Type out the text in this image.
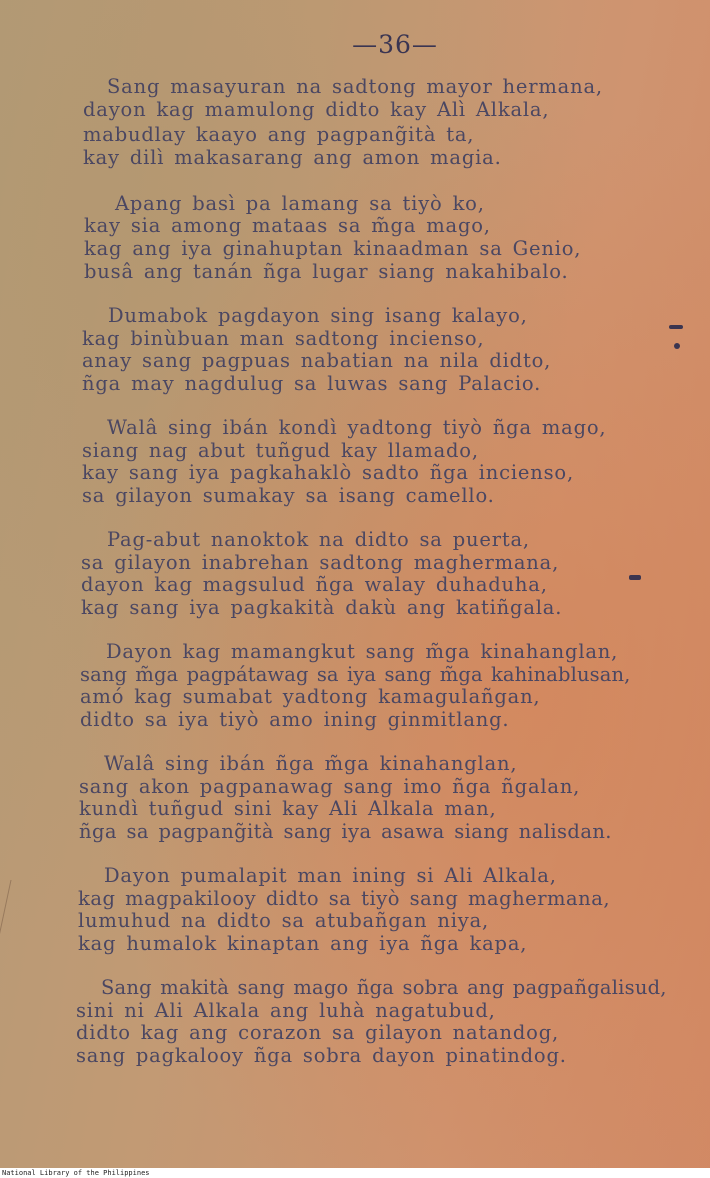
—36—
Sang masayuran na sadtong mayor hermana,
dayon kag mamulong didto kay Alì Alkala,
mabudlay kaayo ang pagpang̃ità ta,
kay dilì makasarang ang amon magia.
Apang basì pa lamang sa tiyò ko,
kay sia among mataas sa m̃ga mago,
kag ang iya ginahuptan kinaadman sa Genio,
busâ ang tanán ñga lugar siang nakahibalo.
Dumabok pagdayon sing isang kalayo,
kag binùbuan man sadtong incienso,
anay sang pagpuas nabatian na nila didto,
ñga may nagdulug sa luwas sang Palacio.
Walâ sing ibán kondì yadtong tiyò ñga mago,
siang nag abut tuñgud kay llamado,
kay sang iya pagkahaklò sadto ñga incienso,
sa gilayon sumakay sa isang camello.
Pag-abut nanoktok na didto sa puerta,
sa gilayon inabrehan sadtong maghermana,
dayon kag magsulud ñga walay duhaduha,
kag sang iya pagkakità dakù ang katiñgala.
Dayon kag mamangkut sang m̃ga kinahanglan,
sang m̃ga pagpátawag sa iya sang m̃ga kahinablusan,
amó kag sumabat yadtong kamagulañgan,
didto sa iya tiyò amo ining ginmitlang.
Walâ sing ibán ñga m̃ga kinahanglan,
sang akon pagpanawag sang imo ñga ñgalan,
kundì tuñgud sini kay Ali Alkala man,
ñga sa pagpang̃ità sang iya asawa siang nalisdan.
Dayon pumalapit man ining si Ali Alkala,
kag magpakilooy didto sa tiyò sang maghermana,
lumuhud na didto sa atubañgan niya,
kag humalok kinaptan ang iya ñga kapa,
Sang makità sang mago ñga sobra ang pagpañgalisud,
sini ni Ali Alkala ang luhà nagatubud,
didto kag ang corazon sa gilayon natandog,
sang pagkalooy ñga sobra dayon pinatindog.
National Library of the Philippines
